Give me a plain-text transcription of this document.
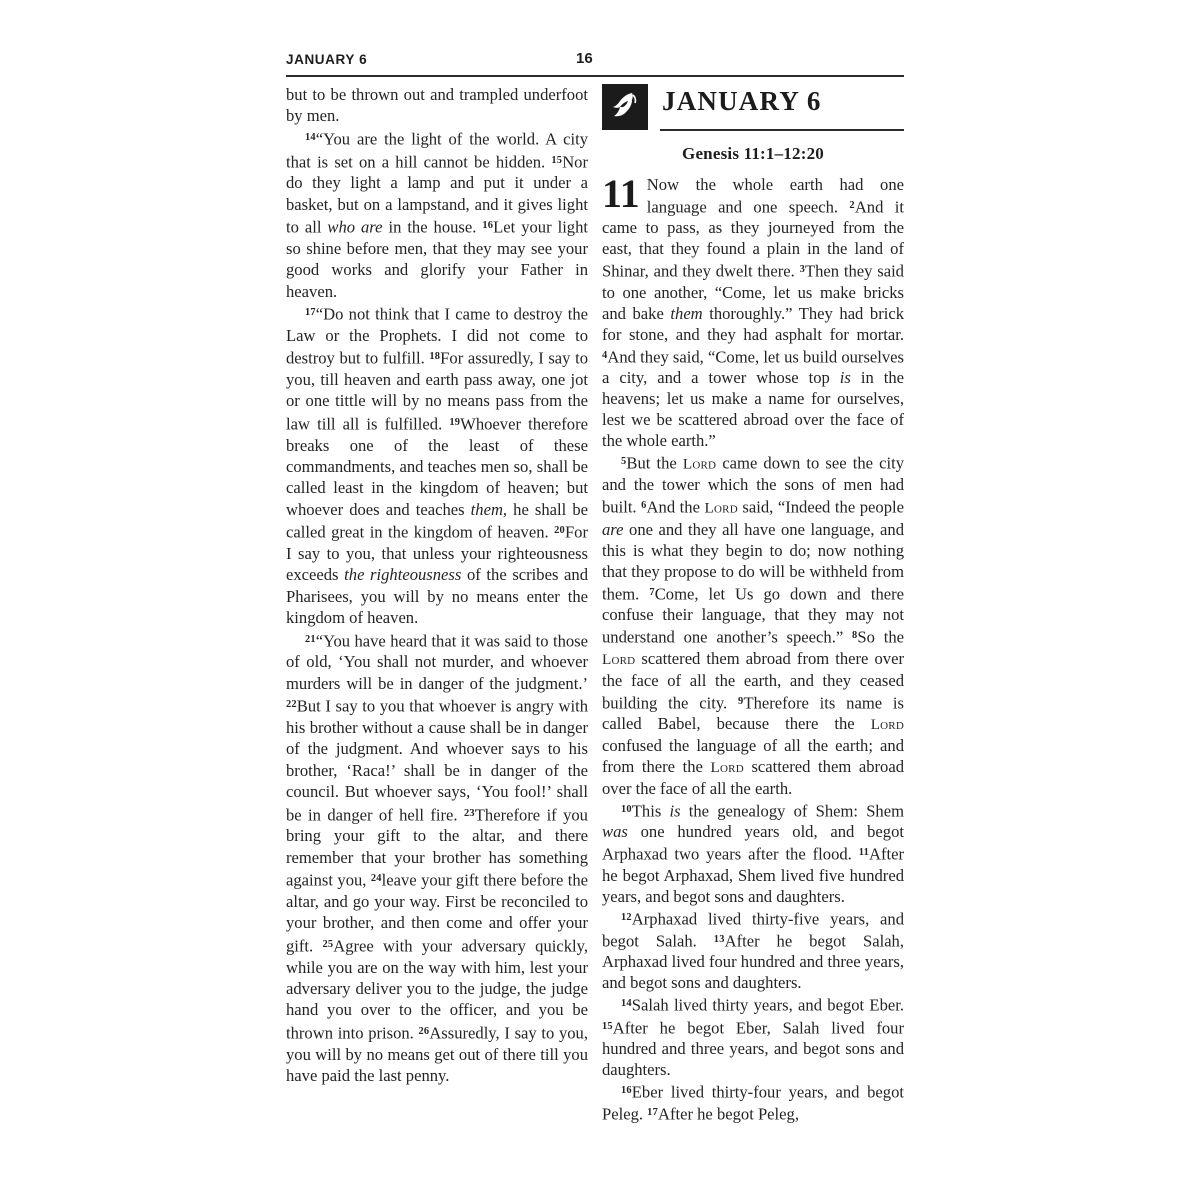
JANUARY 6	16

but to be thrown out and trampled underfoot by men.

$^{14}$“You are the light of the world. A city that is set on a hill cannot be hidden. $^{15}$Nor do they light a lamp and put it under a basket, but on a lampstand, and it gives light to all who are in the house. $^{16}$Let your light so shine before men, that they may see your good works and glorify your Father in heaven.

$^{17}$“Do not think that I came to destroy the Law or the Prophets. I did not come to destroy but to fulfill. $^{18}$For assuredly, I say to you, till heaven and earth pass away, one jot or one tittle will by no means pass from the law till all is fulfilled. $^{19}$Whoever therefore breaks one of the least of these commandments, and teaches men so, shall be called least in the kingdom of heaven; but whoever does and teaches them, he shall be called great in the kingdom of heaven. $^{20}$For I say to you, that unless your righteousness exceeds the righteousness of the scribes and Pharisees, you will by no means enter the kingdom of heaven.

$^{21}$“You have heard that it was said to those of old, ‘You shall not murder, and whoever murders will be in danger of the judgment.’ $^{22}$But I say to you that whoever is angry with his brother without a cause shall be in danger of the judgment. And whoever says to his brother, ‘Raca!’ shall be in danger of the council. But whoever says, ‘You fool!’ shall be in danger of hell fire. $^{23}$Therefore if you bring your gift to the altar, and there remember that your brother has something against you, $^{24}$leave your gift there before the altar, and go your way. First be reconciled to your brother, and then come and offer your gift. $^{25}$Agree with your adversary quickly, while you are on the way with him, lest your adversary deliver you to the judge, the judge hand you over to the officer, and you be thrown into prison. $^{26}$Assuredly, I say to you, you will by no means get out of there till you have paid the last penny.

JANUARY 6
Genesis 11:1–12:20

11 Now the whole earth had one language and one speech. $^2$And it came to pass, as they journeyed from the east, that they found a plain in the land of Shinar, and they dwelt there. $^3$Then they said to one another, “Come, let us make bricks and bake them thoroughly.” They had brick for stone, and they had asphalt for mortar. $^4$And they said, “Come, let us build ourselves a city, and a tower whose top is in the heavens; let us make a name for ourselves, lest we be scattered abroad over the face of the whole earth.”

$^5$But the Lord came down to see the city and the tower which the sons of men had built. $^6$And the Lord said, “Indeed the people are one and they all have one language, and this is what they begin to do; now nothing that they propose to do will be withheld from them. $^7$Come, let Us go down and there confuse their language, that they may not understand one another’s speech.” $^8$So the Lord scattered them abroad from there over the face of all the earth, and they ceased building the city. $^9$Therefore its name is called Babel, because there the Lord confused the language of all the earth; and from there the Lord scattered them abroad over the face of all the earth.

$^{10}$This is the genealogy of Shem: Shem was one hundred years old, and begot Arphaxad two years after the flood. $^{11}$After he begot Arphaxad, Shem lived five hundred years, and begot sons and daughters.

$^{12}$Arphaxad lived thirty-five years, and begot Salah. $^{13}$After he begot Salah, Arphaxad lived four hundred and three years, and begot sons and daughters.

$^{14}$Salah lived thirty years, and begot Eber. $^{15}$After he begot Eber, Salah lived four hundred and three years, and begot sons and daughters.

$^{16}$Eber lived thirty-four years, and begot Peleg. $^{17}$After he begot Peleg,
